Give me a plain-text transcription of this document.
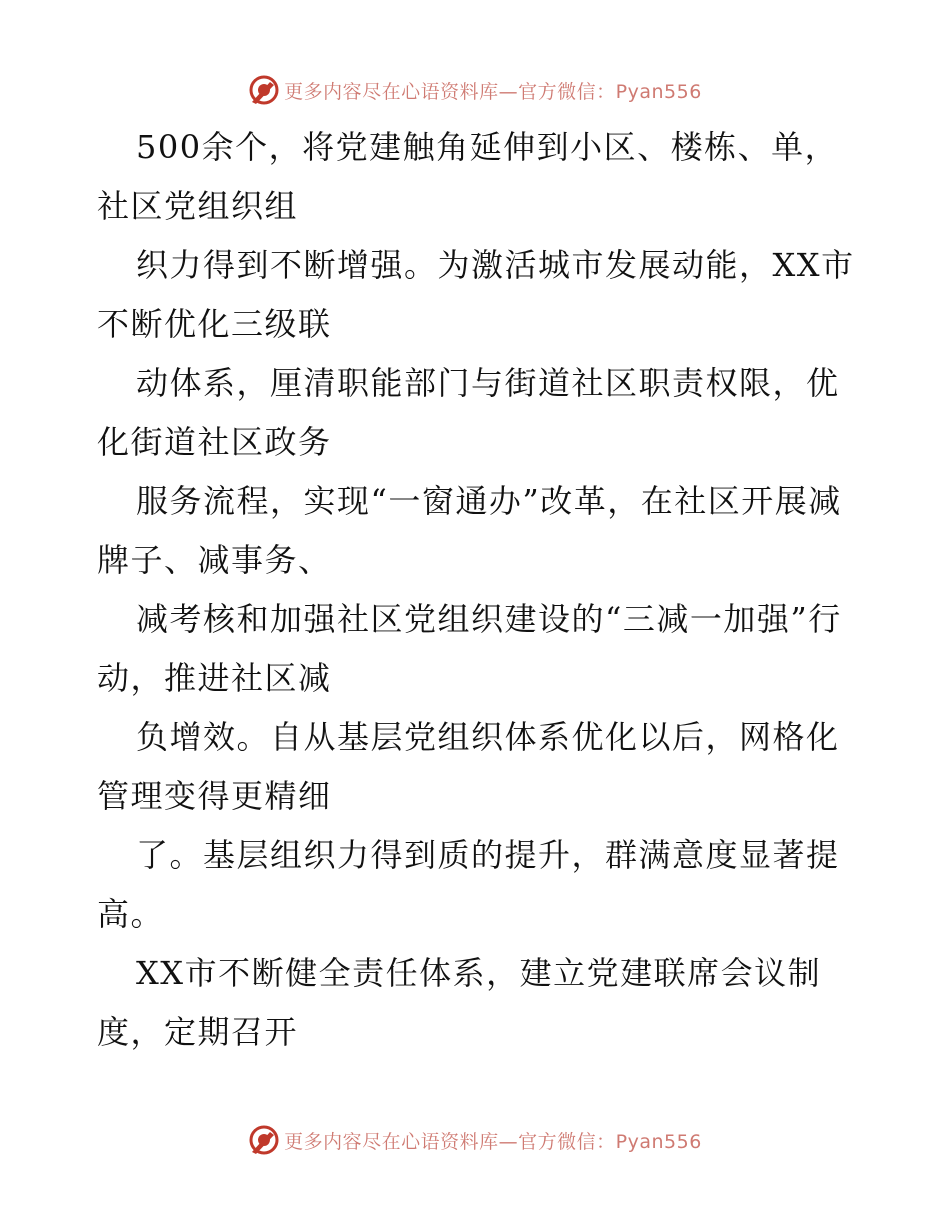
更多内容尽在心语资料库—官方微信：Pyan556

500余个，将党建触角延伸到小区、楼栋、单，社区党组织组

织力得到不断增强。为激活城市发展动能，XX市不断优化三级联

动体系，厘清职能部门与街道社区职责权限，优化街道社区政务

服务流程，实现“一窗通办”改革，在社区开展减牌子、减事务、

减考核和加强社区党组织建设的“三减一加强”行动，推进社区减

负增效。自从基层党组织体系优化以后，网格化管理变得更精细

了。基层组织力得到质的提升，群满意度显著提高。

XX市不断健全责任体系，建立党建联席会议制度，定期召开

更多内容尽在心语资料库—官方微信：Pyan556
